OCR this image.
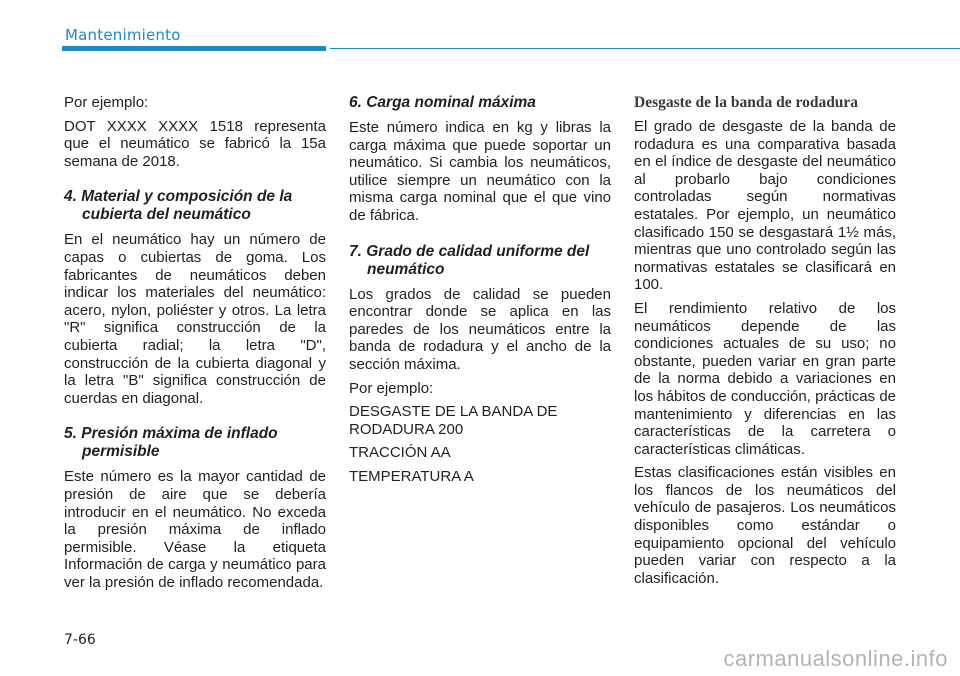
Mantenimiento

Por ejemplo:

DOT XXXX XXXX 1518 representa que el neumático se fabricó la 15a semana de 2018.

4. Material y composición de la cubierta del neumático

En el neumático hay un número de capas o cubiertas de goma. Los fabricantes de neumáticos deben indicar los materiales del neumático: acero, nylon, poliéster y otros. La letra "R" significa construcción de la cubierta radial; la letra "D", construcción de la cubierta diagonal y la letra "B" significa construcción de cuerdas en diagonal.

5. Presión máxima de inflado permisible

Este número es la mayor cantidad de presión de aire que se debería introducir en el neumático. No exceda la presión máxima de inflado permisible. Véase la etiqueta Información de carga y neumático para ver la presión de inflado recomendada.

6. Carga nominal máxima

Este número indica en kg y libras la carga máxima que puede soportar un neumático. Si cambia los neumáticos, utilice siempre un neumático con la misma carga nominal que el que vino de fábrica.

7. Grado de calidad uniforme del neumático

Los grados de calidad se pueden encontrar donde se aplica en las paredes de los neumáticos entre la banda de rodadura y el ancho de la sección máxima.

Por ejemplo:

DESGASTE DE LA BANDA DE RODADURA 200

TRACCIÓN AA

TEMPERATURA A

Desgaste de la banda de rodadura

El grado de desgaste de la banda de rodadura es una comparativa basada en el índice de desgaste del neumático al probarlo bajo condiciones controladas según normativas estatales. Por ejemplo, un neumático clasificado 150 se desgastará 1½ más, mientras que uno controlado según las normativas estatales se clasificará en 100.

El rendimiento relativo de los neumáticos depende de las condiciones actuales de su uso; no obstante, pueden variar en gran parte de la norma debido a variaciones en los hábitos de conducción, prácticas de mantenimiento y diferencias en las características de la carretera o características climáticas.

Estas clasificaciones están visibles en los flancos de los neumáticos del vehículo de pasajeros. Los neumáticos disponibles como estándar o equipamiento opcional del vehículo pueden variar con respecto a la clasificación.

7-66
carmanualsonline.info
